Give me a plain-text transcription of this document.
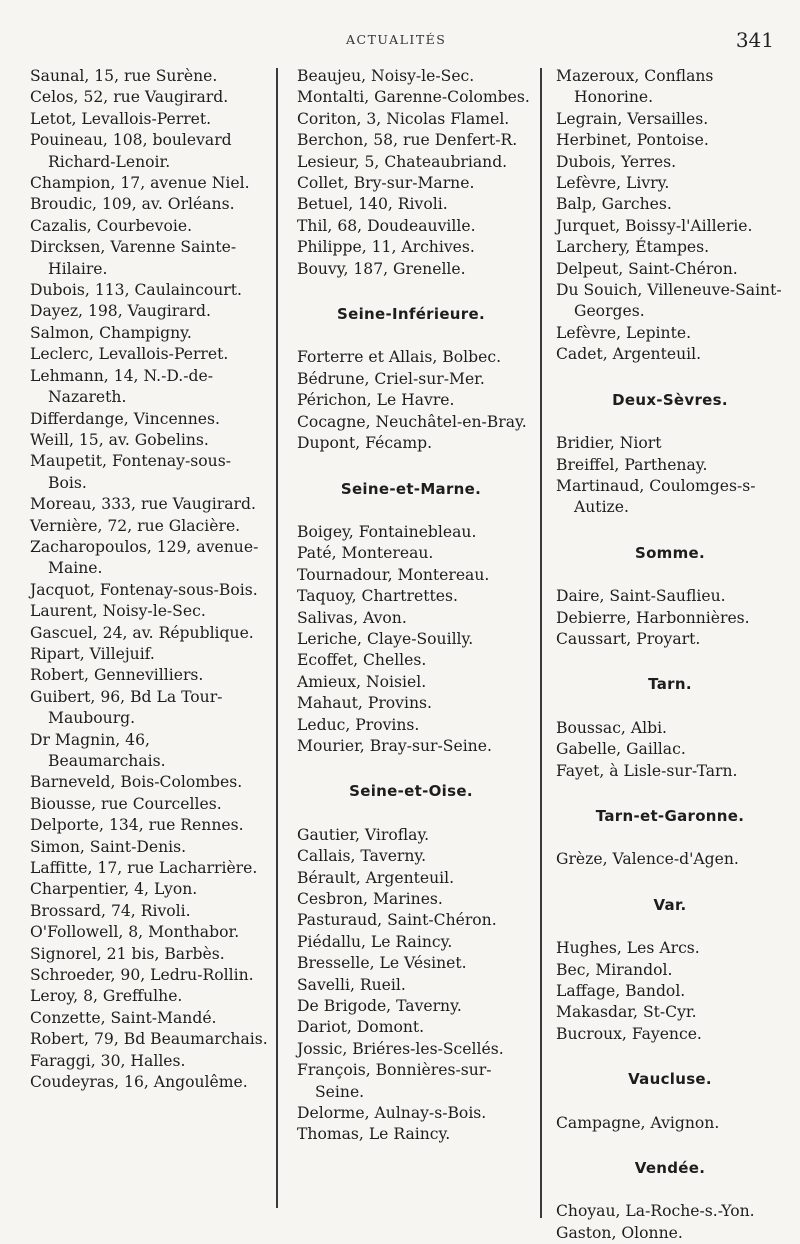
ACTUALITÉS	341

Saunal, 15, rue Surène.

Celos, 52, rue Vaugirard.

Letot, Levallois-Perret.

Pouineau, 108, boulevard Richard-Lenoir.

Champion, 17, avenue Niel.

Broudic, 109, av. Orléans.

Cazalis, Courbevoie.

Dircksen, Varenne Sainte-Hilaire.

Dubois, 113, Caulaincourt.

Dayez, 198, Vaugirard.

Salmon, Champigny.

Leclerc, Levallois-Perret.

Lehmann, 14, N.-D.-de-Nazareth.

Differdange, Vincennes.

Weill, 15, av. Gobelins.

Maupetit, Fontenay-sous-Bois.

Moreau, 333, rue Vaugirard.

Vernière, 72, rue Glacière.

Zacharopoulos, 129, avenue-Maine.

Jacquot, Fontenay-sous-Bois.

Laurent, Noisy-le-Sec.

Gascuel, 24, av. République.

Ripart, Villejuif.

Robert, Gennevilliers.

Guibert, 96, Bd La Tour-Maubourg.

Dr Magnin, 46, Beaumarchais.

Barneveld, Bois-Colombes.

Biousse, rue Courcelles.

Delporte, 134, rue Rennes.

Simon, Saint-Denis.

Laffitte, 17, rue Lacharrière.

Charpentier, 4, Lyon.

Brossard, 74, Rivoli.

O'Followell, 8, Monthabor.

Signorel, 21 bis, Barbès.

Schroeder, 90, Ledru-Rollin.

Leroy, 8, Greffulhe.

Conzette, Saint-Mandé.

Robert, 79, Bd Beaumarchais.

Faraggi, 30, Halles.

Coudeyras, 16, Angoulême.

Beaujeu, Noisy-le-Sec.

Montalti, Garenne-Colombes.

Coriton, 3, Nicolas Flamel.

Berchon, 58, rue Denfert-R.

Lesieur, 5, Chateaubriand.

Collet, Bry-sur-Marne.

Betuel, 140, Rivoli.

Thil, 68, Doudeauville.

Philippe, 11, Archives.

Bouvy, 187, Grenelle.

Seine-Inférieure.

Forterre et Allais, Bolbec.

Bédrune, Criel-sur-Mer.

Périchon, Le Havre.

Cocagne, Neuchâtel-en-Bray.

Dupont, Fécamp.

Seine-et-Marne.

Boigey, Fontainebleau.

Paté, Montereau.

Tournadour, Montereau.

Taquoy, Chartrettes.

Salivas, Avon.

Leriche, Claye-Souilly.

Ecoffet, Chelles.

Amieux, Noisiel.

Mahaut, Provins.

Leduc, Provins.

Mourier, Bray-sur-Seine.

Seine-et-Oise.

Gautier, Viroflay.

Callais, Taverny.

Bérault, Argenteuil.

Cesbron, Marines.

Pasturaud, Saint-Chéron.

Piédallu, Le Raincy.

Bresselle, Le Vésinet.

Savelli, Rueil.

De Brigode, Taverny.

Dariot, Domont.

Jossic, Briéres-les-Scellés.

François, Bonnières-sur-Seine.

Delorme, Aulnay-s-Bois.

Thomas, Le Raincy.

Mazeroux, Conflans Honorine.

Legrain, Versailles.

Herbinet, Pontoise.

Dubois, Yerres.

Lefèvre, Livry.

Balp, Garches.

Jurquet, Boissy-l'Aillerie.

Larchery, Étampes.

Delpeut, Saint-Chéron.

Du Souich, Villeneuve-Saint-Georges.

Lefèvre, Lepinte.

Cadet, Argenteuil.

Deux-Sèvres.

Bridier, Niort

Breiffel, Parthenay.

Martinaud, Coulomges-s-Autize.

Somme.

Daire, Saint-Sauflieu.

Debierre, Harbonnières.

Caussart, Proyart.

Tarn.

Boussac, Albi.

Gabelle, Gaillac.

Fayet, à Lisle-sur-Tarn.

Tarn-et-Garonne.

Grèze, Valence-d'Agen.

Var.

Hughes, Les Arcs.

Bec, Mirandol.

Laffage, Bandol.

Makasdar, St-Cyr.

Bucroux, Fayence.

Vaucluse.

Campagne, Avignon.

Vendée.

Choyau, La-Roche-s.-Yon.

Gaston, Olonne.
